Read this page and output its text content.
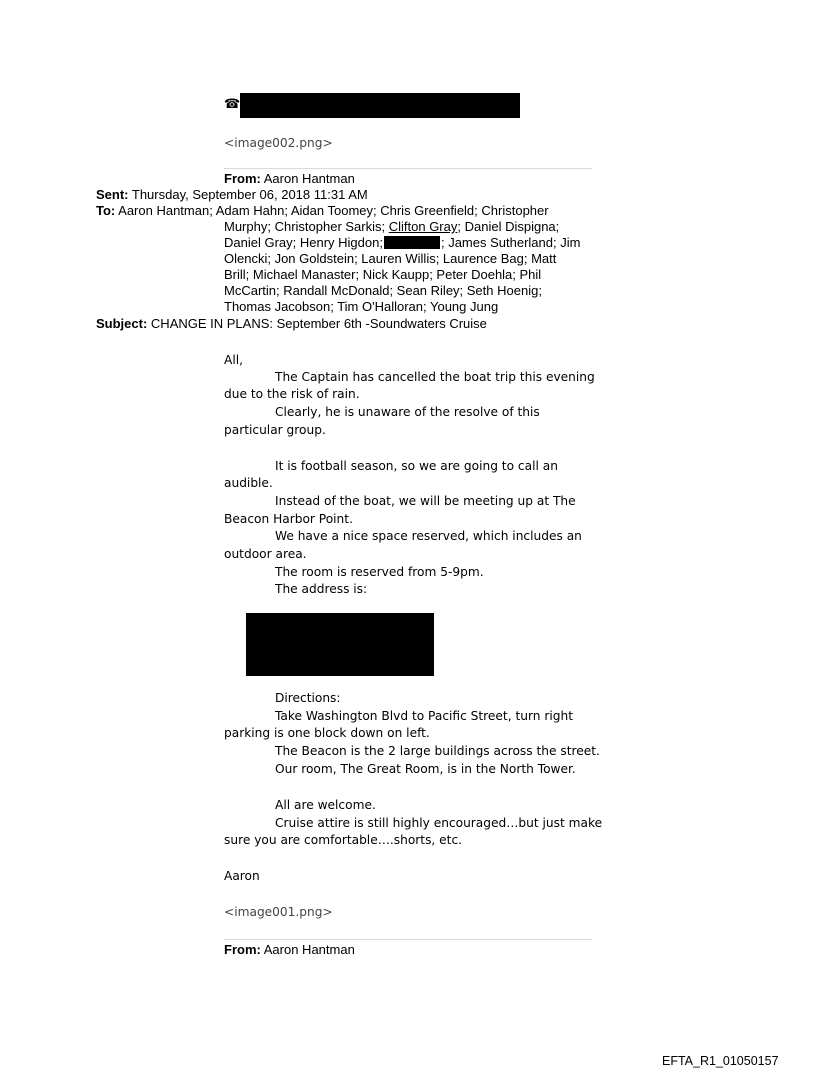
☎
<image002.png>
From: Aaron Hantman
Sent: Thursday, September 06, 2018 11:31 AM
To: Aaron Hantman; Adam Hahn; Aidan Toomey; Chris Greenfield; Christopher
Murphy; Christopher Sarkis; Clifton Gray; Daniel Dispigna;
Daniel Gray; Henry Higdon;	; James Sutherland; Jim
Olencki; Jon Goldstein; Lauren Willis; Laurence Bag; Matt
Brill; Michael Manaster; Nick Kaupp; Peter Doehla; Phil
McCartin; Randall McDonald; Sean Riley; Seth Hoenig;
Thomas Jacobson; Tim O'Halloran; Young Jung
Subject: CHANGE IN PLANS: September 6th -Soundwaters Cruise
All,
The Captain has cancelled the boat trip this evening
due to the risk of rain.
Clearly, he is unaware of the resolve of this
particular group.
It is football season, so we are going to call an
audible.
Instead of the boat, we will be meeting up at The
Beacon Harbor Point.
We have a nice space reserved, which includes an
outdoor area.
The room is reserved from 5-9pm.
The address is:
Directions:
Take Washington Blvd to Pacific Street, turn right
parking is one block down on left.
The Beacon is the 2 large buildings across the street.
Our room, The Great Room, is in the North Tower.
All are welcome.
Cruise attire is still highly encouraged…but just make
sure you are comfortable….shorts, etc.
Aaron
<image001.png>
From: Aaron Hantman
EFTA_R1_01050157
